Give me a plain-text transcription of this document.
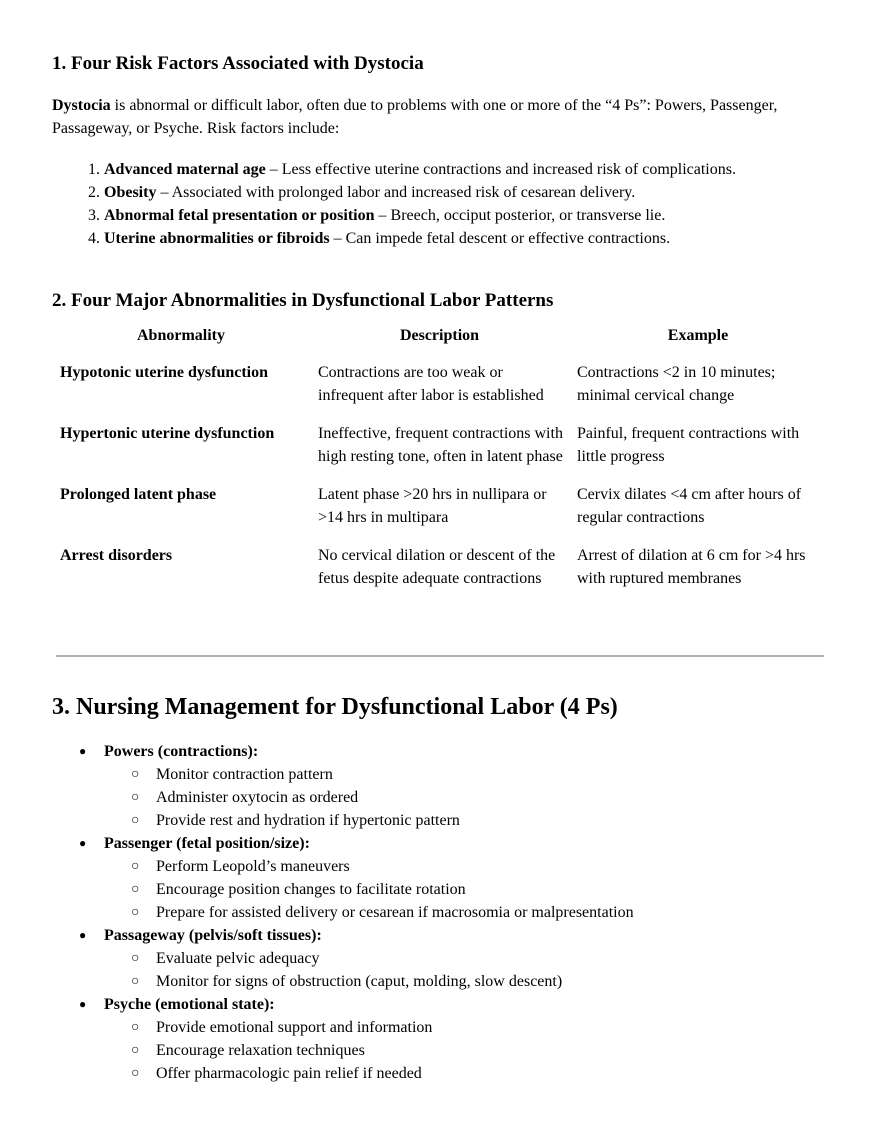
1. Four Risk Factors Associated with Dystocia
Dystocia is abnormal or difficult labor, often due to problems with one or more of the “4 Ps”: Powers, Passenger, Passageway, or Psyche. Risk factors include:
1. Advanced maternal age – Less effective uterine contractions and increased risk of complications.
2. Obesity – Associated with prolonged labor and increased risk of cesarean delivery.
3. Abnormal fetal presentation or position – Breech, occiput posterior, or transverse lie.
4. Uterine abnormalities or fibroids – Can impede fetal descent or effective contractions.
2. Four Major Abnormalities in Dysfunctional Labor Patterns
Abnormality	Description	Example
Hypotonic uterine dysfunction	Contractions are too weak or infrequent after labor is established	Contractions <2 in 10 minutes; minimal cervical change
Hypertonic uterine dysfunction	Ineffective, frequent contractions with high resting tone, often in latent phase	Painful, frequent contractions with little progress
Prolonged latent phase	Latent phase >20 hrs in nullipara or >14 hrs in multipara	Cervix dilates <4 cm after hours of regular contractions
Arrest disorders	No cervical dilation or descent of the fetus despite adequate contractions	Arrest of dilation at 6 cm for >4 hrs with ruptured membranes
3. Nursing Management for Dysfunctional Labor (4 Ps)
● Powers (contractions):
○ Monitor contraction pattern
○ Administer oxytocin as ordered
○ Provide rest and hydration if hypertonic pattern
● Passenger (fetal position/size):
○ Perform Leopold’s maneuvers
○ Encourage position changes to facilitate rotation
○ Prepare for assisted delivery or cesarean if macrosomia or malpresentation
● Passageway (pelvis/soft tissues):
○ Evaluate pelvic adequacy
○ Monitor for signs of obstruction (caput, molding, slow descent)
● Psyche (emotional state):
○ Provide emotional support and information
○ Encourage relaxation techniques
○ Offer pharmacologic pain relief if needed
